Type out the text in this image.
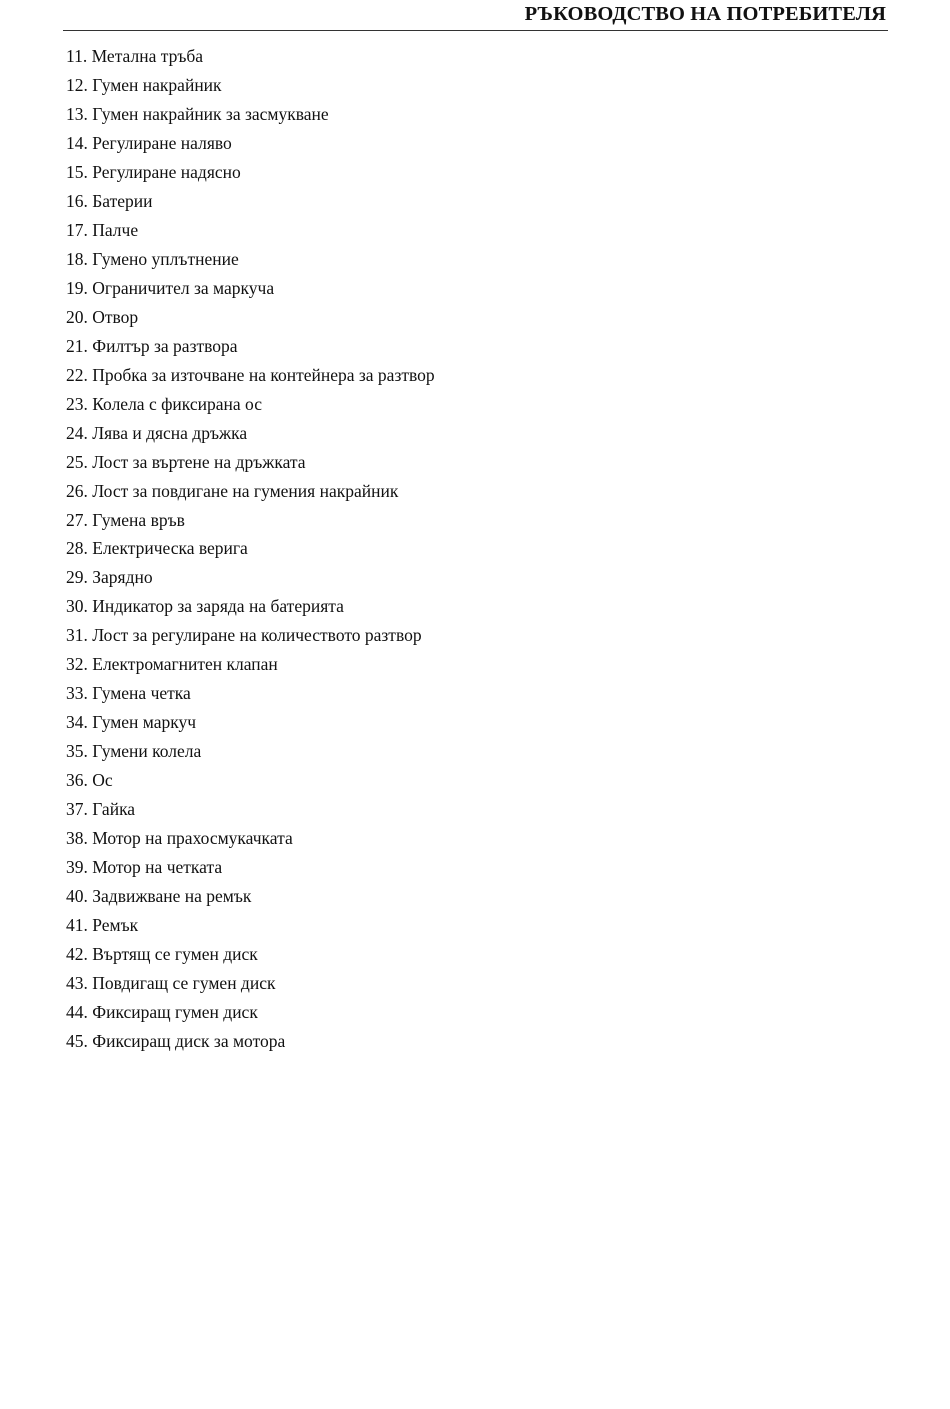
РЪКОВОДСТВО НА ПОТРЕБИТЕЛЯ
11. Метална тръба
12. Гумен накрайник
13. Гумен накрайник за засмукване
14. Регулиране наляво
15. Регулиране надясно
16. Батерии
17. Палче
18. Гумено уплътнение
19. Ограничител за маркуча
20. Отвор
21. Филтър за разтвора
22. Пробка за източване на контейнера за разтвор
23. Колела с фиксирана ос
24. Лява и дясна дръжка
25. Лост за въртене на дръжката
26. Лост за повдигане на гумения накрайник
27. Гумена връв
28. Електрическа верига
29. Зарядно
30. Индикатор за заряда на батерията
31. Лост за регулиране на количеството разтвор
32. Електромагнитен клапан
33. Гумена четка
34. Гумен маркуч
35. Гумени колела
36. Ос
37. Гайка
38. Мотор на прахосмукачката
39. Мотор на четката
40. Задвижване на ремък
41. Ремък
42. Въртящ се гумен диск
43. Повдигащ се гумен диск
44. Фиксиращ гумен диск
45. Фиксиращ диск за мотора
